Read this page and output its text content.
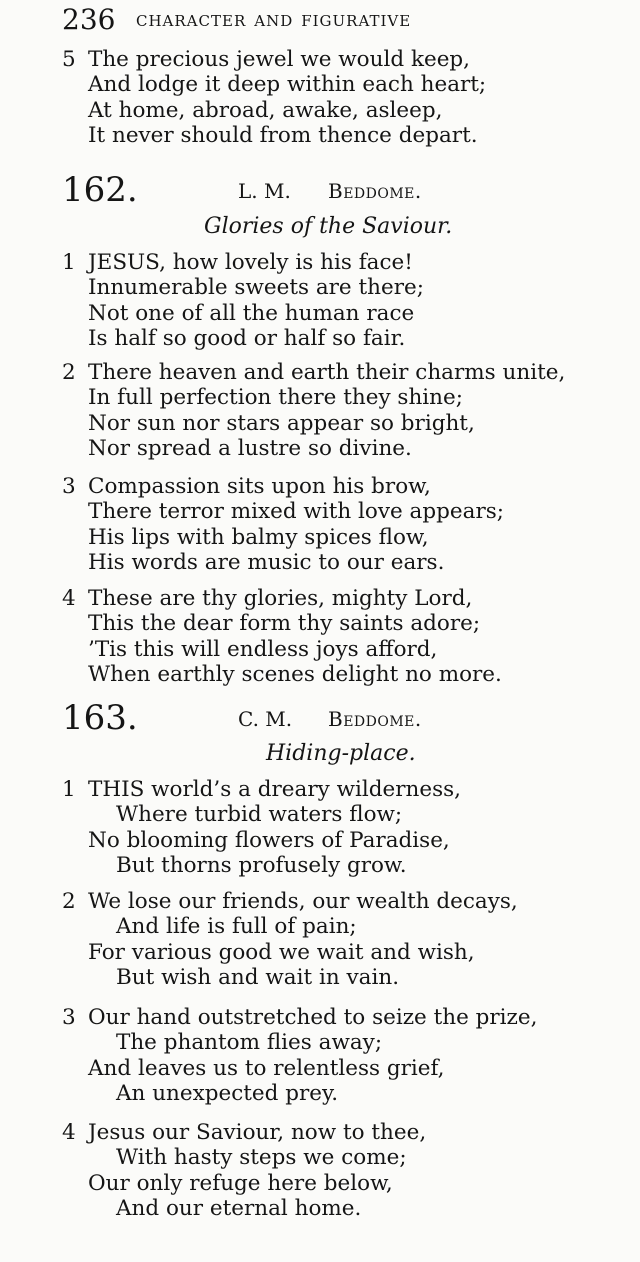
236 character and figurative
5 The precious jewel we would keep,
And lodge it deep within each heart;
At home, abroad, awake, asleep,
It never should from thence depart.
162.	L. M. Beddome.
Glories of the Saviour.
1 JESUS, how lovely is his face!
Innumerable sweets are there;
Not one of all the human race
Is half so good or half so fair.
2 There heaven and earth their charms unite,
In full perfection there they shine;
Nor sun nor stars appear so bright,
Nor spread a lustre so divine.
3 Compassion sits upon his brow,
There terror mixed with love appears;
His lips with balmy spices flow,
His words are music to our ears.
4 These are thy glories, mighty Lord,
This the dear form thy saints adore;
’Tis this will endless joys afford,
When earthly scenes delight no more.
163.	C. M. Beddome.
Hiding-place.
1 THIS world’s a dreary wilderness,
Where turbid waters flow;
No blooming flowers of Paradise,
But thorns profusely grow.
2 We lose our friends, our wealth decays,
And life is full of pain;
For various good we wait and wish,
But wish and wait in vain.
3 Our hand outstretched to seize the prize,
The phantom flies away;
And leaves us to relentless grief,
An unexpected prey.
4 Jesus our Saviour, now to thee,
With hasty steps we come;
Our only refuge here below,
And our eternal home.
